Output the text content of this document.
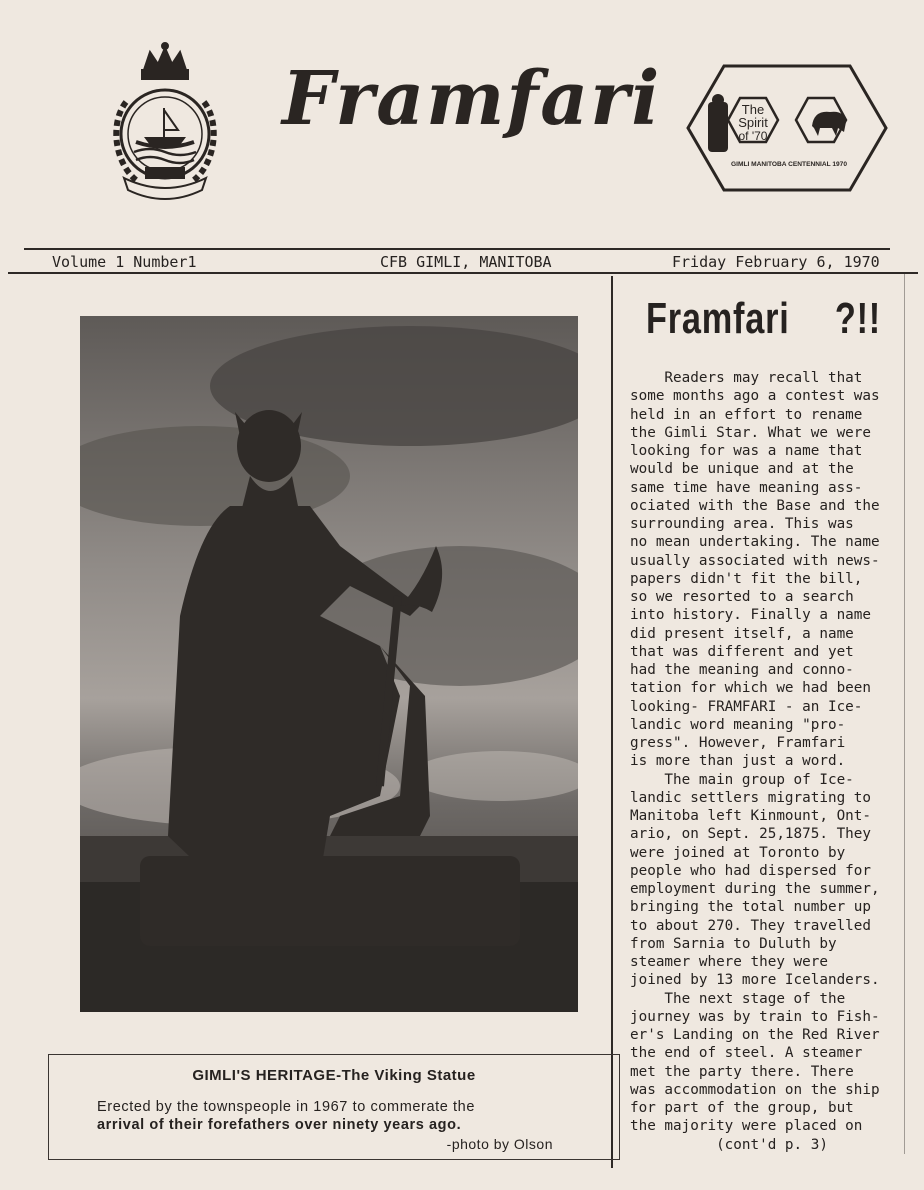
Framfari	The
Spirit
of '70
GIMLI MANITOBA CENTENNIAL 1970
Volume 1 Number1	CFB GIMLI, MANITOBA	Friday February 6, 1970
GIMLI'S HERITAGE-The Viking Statue
Erected by the townspeople in 1967 to commerate the
arrival of their forefathers over ninety years ago.
-photo by Olson
Framfari ?!!
Readers may recall that
some months ago a contest was
held in an effort to rename
the Gimli Star. What we were
looking for was a name that
would be unique and at the
same time have meaning ass-
ociated with the Base and the
surrounding area. This was
no mean undertaking. The name
usually associated with news-
papers didn't fit the bill,
so we resorted to a search
into history. Finally a name
did present itself, a name
that was different and yet
had the meaning and conno-
tation for which we had been
looking- FRAMFARI - an Ice-
landic word meaning "pro-
gress". However, Framfari
is more than just a word.
The main group of Ice-
landic settlers migrating to
Manitoba left Kinmount, Ont-
ario, on Sept. 25,1875. They
were joined at Toronto by
people who had dispersed for
employment during the summer,
bringing the total number up
to about 270. They travelled
from Sarnia to Duluth by
steamer where they were
joined by 13 more Icelanders.
The next stage of the
journey was by train to Fish-
er's Landing on the Red River
the end of steel. A steamer
met the party there. There
was accommodation on the ship
for part of the group, but
the majority were placed on
(cont'd p. 3)
